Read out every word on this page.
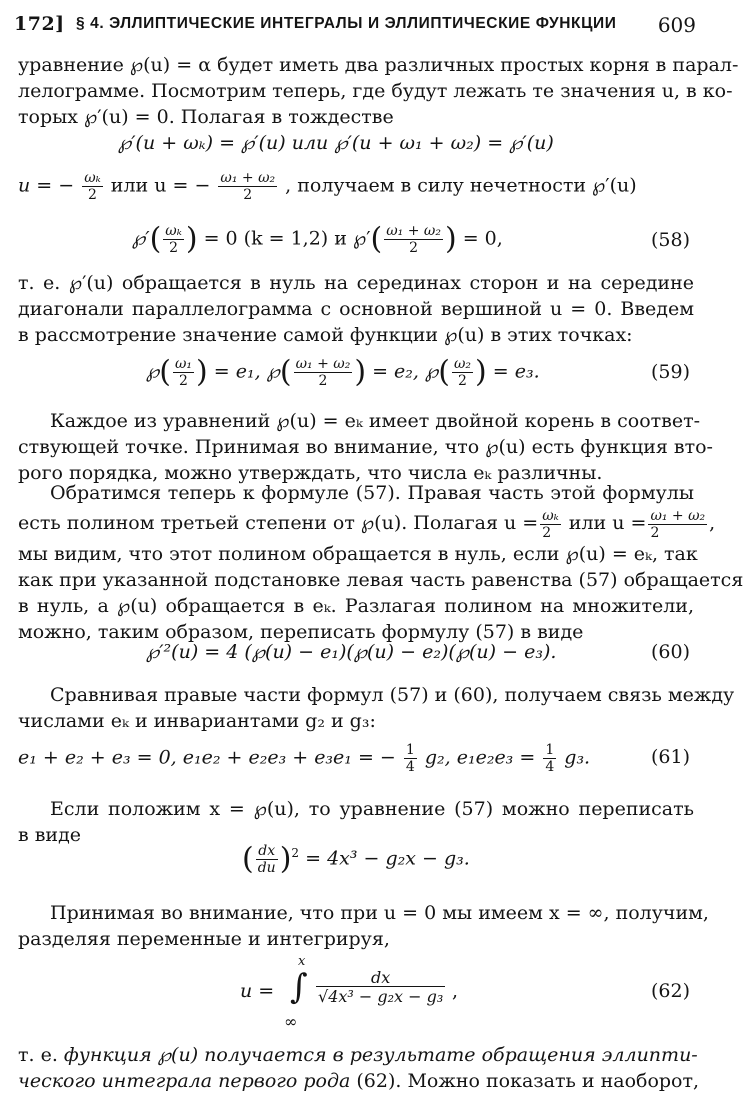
172] § 4. ЭЛЛИПТИЧЕСКИЕ ИНТЕГРАЛЫ И ЭЛЛИПТИЧЕСКИЕ ФУНКЦИИ 609
уравнение ℘(u) = α будет иметь два различных простых корня в парал-
лелограмме. Посмотрим теперь, где будут лежать те значения u, в ко-
торых ℘′(u) = 0. Полагая в тождестве
℘′(u + ωₖ) = ℘′(u) или ℘′(u + ω₁ + ω₂) = ℘′(u)
u = − $\frac{\text{ωₖ}}{2}$ или u = − $\frac{\text{ω₁ + ω₂}}{2}$ , получаем в силу нечетности ℘′(u)
℘′( $\frac{\text{ωₖ}}{2}$ ) = 0 (k = 1,2) и ℘′( $\frac{\text{ω₁ + ω₂}}{2}$ ) = 0,	(58)
т. е. ℘′(u) обращается в нуль на серединах сторон и на середине
диагонали параллелограмма с основной вершиной u = 0. Введем
в рассмотрение значение самой функции ℘(u) в этих точках:
℘( $\frac{\text{ω₁}}{2}$ ) = e₁, ℘( $\frac{\text{ω₁ + ω₂}}{2}$ ) = e₂, ℘( $\frac{\text{ω₂}}{2}$ ) = e₃.	(59)
Каждое из уравнений ℘(u) = eₖ имеет двойной корень в соответ-
ствующей точке. Принимая во внимание, что ℘(u) есть функция вто-
рого порядка, можно утверждать, что числа eₖ различны.
Обратимся теперь к формуле (57). Правая часть этой формулы
есть полином третьей степени от ℘(u). Полагая $u = \frac{\text{ωₖ}}{2}$ или $u = \frac{\text{ω₁ + ω₂}}{2}$ ,
мы видим, что этот полином обращается в нуль, если ℘(u) = eₖ, так
как при указанной подстановке левая часть равенства (57) обращается
в нуль, а ℘(u) обращается в eₖ. Разлагая полином на множители,
можно, таким образом, переписать формулу (57) в виде
℘′²(u) = 4 (℘(u) − e₁)(℘(u) − e₂)(℘(u) − e₃).	(60)
Сравнивая правые части формул (57) и (60), получаем связь между
числами eₖ и инвариантами g₂ и g₃:
e₁ + e₂ + e₃ = 0, e₁e₂ + e₂e₃ + e₃e₁ = − $\frac{1}{4} g_2$, $e_1e_2e_3 = \frac{1}{4} g_3$.	(61)
Если положим x = ℘(u), то уравнение (57) можно переписать
в виде
( $\frac{dx}{du} )^2 = 4x^3 - g_2x - g_3$.
Принимая во внимание, что при u = 0 мы имеем x = ∞, получим,
разделяя переменные и интегрируя,
u = ∫
x
∞
$\frac{dx}{\text{√4x³ − g₂x − g₃}}$ ,	(62)
т. е. функция ℘(u) получается в результате обращения эллипти-
ческого интеграла первого рода (62). Можно показать и наоборот,
